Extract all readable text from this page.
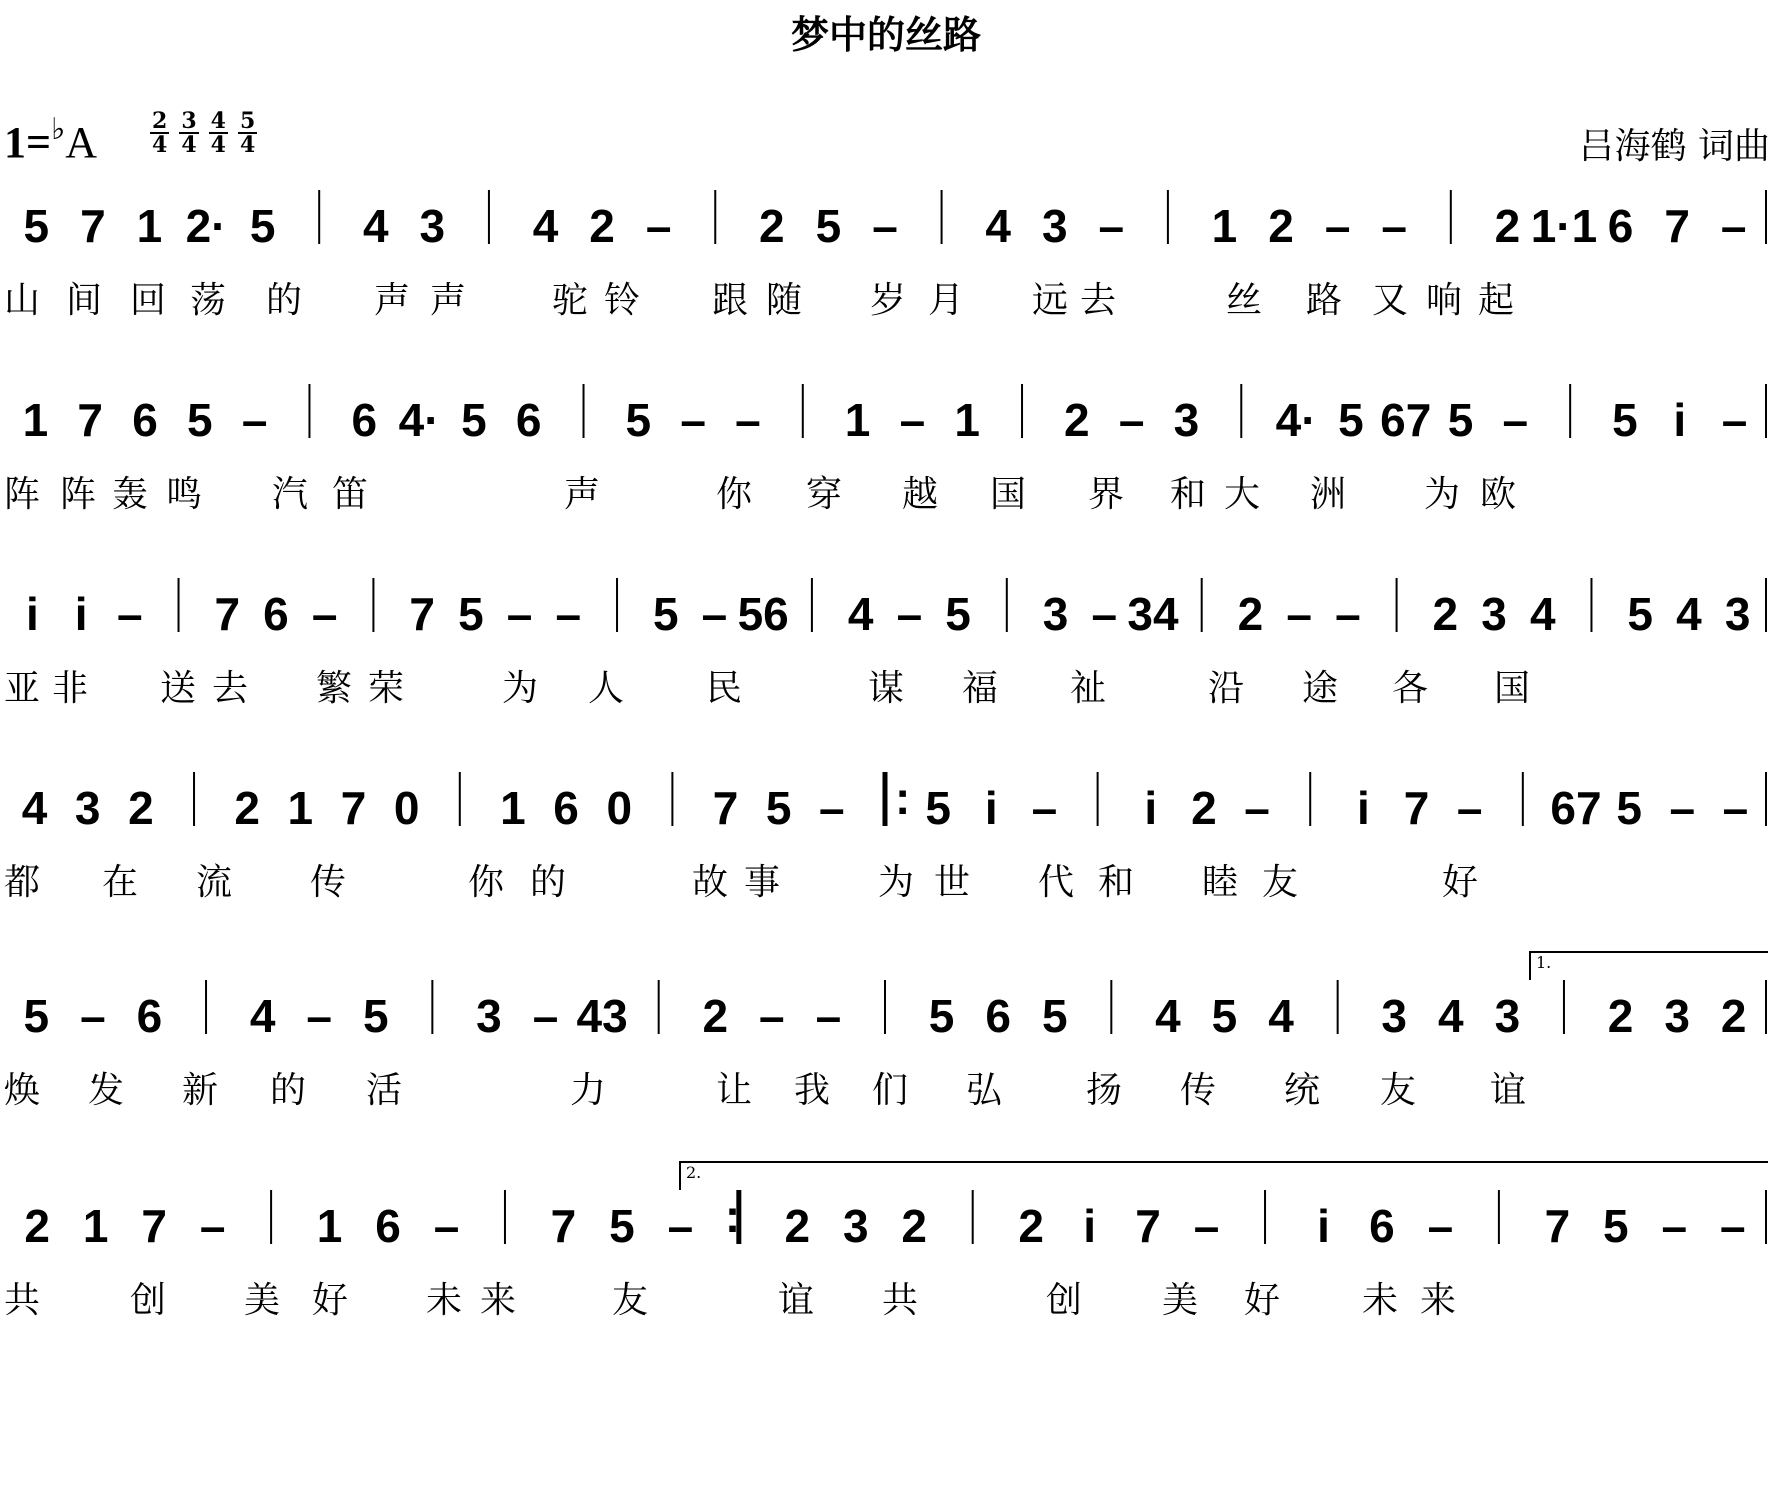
梦中的丝路
$1=^♭A \frac{2}{4} \frac{3}{4} \frac{4}{4} \frac{5}{4}$	吕海鹤 词曲
5 7 1 2· 5 4 3 4 2 – 2 5 – 4 3 – 1 2 – – 2 1·1 6 7 –
山 间 回 荡 的 声 声 驼 铃 跟 随 岁 月 远 去	丝 路 又 响 起
1 7 6 5 – 6 4· 5 6 5 – – 1 – 1 2 – 3 4· 5 67 5 – 5 i –
阵 阵 轰 鸣 汽 笛	声	你 穿 越 国 界 和 大 洲 为 欧
i i – 7 6 – 7 5 – – 5 – 56 4 – 5 3 – 34 2 – – 2 3 4 5 4 3
亚 非 送 去 繁 荣	为 人 民	谋 福 祉	沿 途 各 国
4 3 2 2 1 7 0 1 6 0 7 5 – : 5 i – i 2 – i 7 – 67 5 – –
都 在 流 传	你 的	故 事	为 世 代 和 睦 友	好
5 – 6 4 – 5 3 – 43 2 – – 5 6 5 4 5 4 3 4 3 2 3 2
1.
焕 发 新 的 活	力	让 我 们 弘 扬 传 统 友 谊
2 1 7 – 1 6 – 7 5 – : 2 3 2 2 i 7 – i 6 – 7 5 – –
2.
共 创 美 好 未 来	友	谊 共	创 美 好 未 来
